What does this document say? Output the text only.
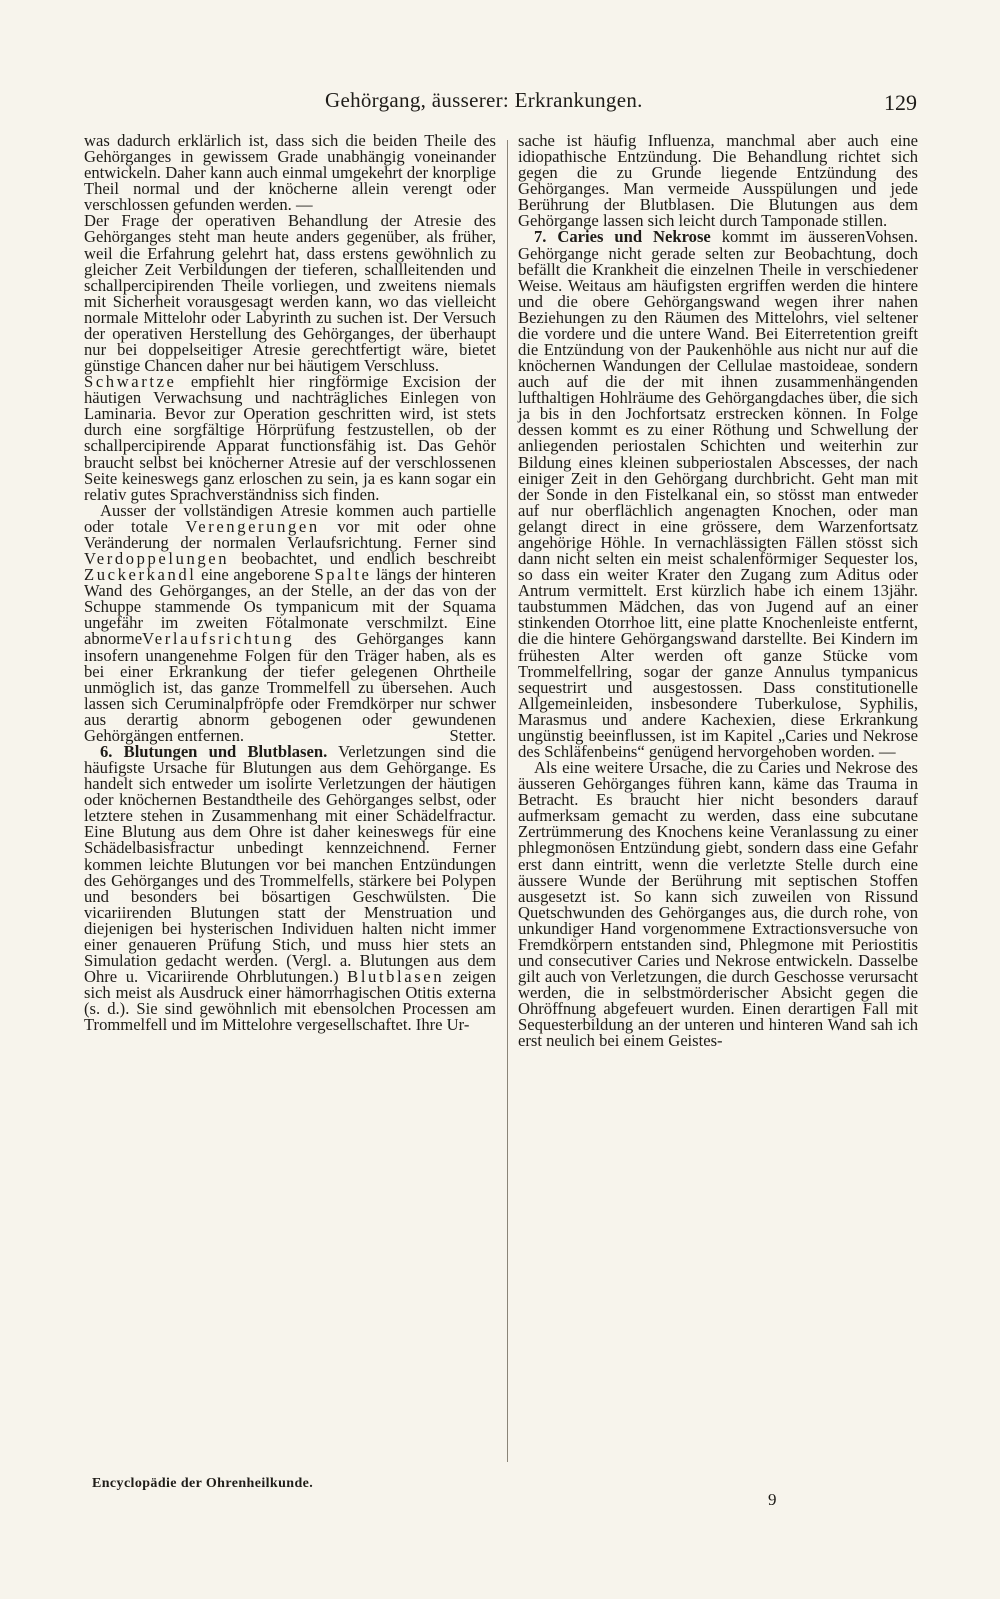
Gehörgang, äusserer: Erkrankungen.	129

was dadurch erklärlich ist, dass sich die beiden Theile des Gehörganges in gewissem Grade unabhängig voneinander entwickeln. Daher kann auch einmal umgekehrt der knorplige Theil normal und der knöcherne allein verengt oder verschlossen gefunden werden. —

Der Frage der operativen Behandlung der Atresie des Gehörganges steht man heute anders gegenüber, als früher, weil die Erfahrung gelehrt hat, dass erstens gewöhnlich zu gleicher Zeit Verbildungen der tieferen, schallleitenden und schallpercipirenden Theile vorliegen, und zweitens niemals mit Sicherheit vorausgesagt werden kann, wo das vielleicht normale Mittelohr oder Labyrinth zu suchen ist. Der Versuch der operativen Herstellung des Gehörganges, der überhaupt nur bei doppelseitiger Atresie gerechtfertigt wäre, bietet günstige Chancen daher nur bei häutigem Verschluss.

Schwartze empfiehlt hier ringförmige Excision der häutigen Verwachsung und nachträgliches Einlegen von Laminaria. Bevor zur Operation geschritten wird, ist stets durch eine sorgfältige Hörprüfung festzustellen, ob der schallpercipirende Apparat functionsfähig ist. Das Gehör braucht selbst bei knöcherner Atresie auf der verschlossenen Seite keineswegs ganz erloschen zu sein, ja es kann sogar ein relativ gutes Sprachverständniss sich finden.

Ausser der vollständigen Atresie kommen auch partielle oder totale Verengerungen vor mit oder ohne Veränderung der normalen Verlaufsrichtung. Ferner sind Verdoppelungen beobachtet, und endlich beschreibt Zuckerkandl eine angeborene Spalte längs der hinteren Wand des Gehörganges, an der Stelle, an der das von der Schuppe stammende Os tympanicum mit der Squama ungefähr im zweiten Fötalmonate verschmilzt. Eine abnormeVerlaufsrichtung des Gehörganges kann insofern unangenehme Folgen für den Träger haben, als es bei einer Erkrankung der tiefer gelegenen Ohrtheile unmöglich ist, das ganze Trommelfell zu übersehen. Auch lassen sich Ceruminalpfröpfe oder Fremdkörper nur schwer aus derartig abnorm gebogenen oder gewundenen Gehörgängen entfernen.	Stetter.

6. Blutungen und Blutblasen. Verletzungen sind die häufigste Ursache für Blutungen aus dem Gehörgange. Es handelt sich entweder um isolirte Verletzungen der häutigen oder knöchernen Bestandtheile des Gehörganges selbst, oder letztere stehen in Zusammenhang mit einer Schädelfractur. Eine Blutung aus dem Ohre ist daher keineswegs für eine Schädelbasisfractur unbedingt kennzeichnend. Ferner kommen leichte Blutungen vor bei manchen Entzündungen des Gehörganges und des Trommelfells, stärkere bei Polypen und besonders bei bösartigen Geschwülsten. Die vicariirenden Blutungen statt der Menstruation und diejenigen bei hysterischen Individuen halten nicht immer einer genaueren Prüfung Stich, und muss hier stets an Simulation gedacht werden. (Vergl. a. Blutungen aus dem Ohre u. Vicariirende Ohrblutungen.) Blutblasen zeigen sich meist als Ausdruck einer hämorrhagischen Otitis externa (s. d.). Sie sind gewöhnlich mit ebensolchen Processen am Trommelfell und im Mittelohre vergesellschaftet. Ihre Ur-

sache ist häufig Influenza, manchmal aber auch eine idiopathische Entzündung. Die Behandlung richtet sich gegen die zu Grunde liegende Entzündung des Gehörganges. Man vermeide Ausspülungen und jede Berührung der Blutblasen. Die Blutungen aus dem Gehörgange lassen sich leicht durch Tamponade stillen.
Vohsen.

7. Caries und Nekrose kommt im äusseren Gehörgange nicht gerade selten zur Beobachtung, doch befällt die Krankheit die einzelnen Theile in verschiedener Weise. Weitaus am häufigsten ergriffen werden die hintere und die obere Gehörgangswand wegen ihrer nahen Beziehungen zu den Räumen des Mittelohrs, viel seltener die vordere und die untere Wand. Bei Eiterretention greift die Entzündung von der Paukenhöhle aus nicht nur auf die knöchernen Wandungen der Cellulae mastoideae, sondern auch auf die der mit ihnen zusammenhängenden lufthaltigen Hohlräume des Gehörgangdaches über, die sich ja bis in den Jochfortsatz erstrecken können. In Folge dessen kommt es zu einer Röthung und Schwellung der anliegenden periostalen Schichten und weiterhin zur Bildung eines kleinen subperiostalen Abscesses, der nach einiger Zeit in den Gehörgang durchbricht. Geht man mit der Sonde in den Fistelkanal ein, so stösst man entweder auf nur oberflächlich angenagten Knochen, oder man gelangt direct in eine grössere, dem Warzenfortsatz angehörige Höhle. In vernachlässigten Fällen stösst sich dann nicht selten ein meist schalenförmiger Sequester los, so dass ein weiter Krater den Zugang zum Aditus oder Antrum vermittelt. Erst kürzlich habe ich einem 13jähr. taubstummen Mädchen, das von Jugend auf an einer stinkenden Otorrhoe litt, eine platte Knochenleiste entfernt, die die hintere Gehörgangswand darstellte. Bei Kindern im frühesten Alter werden oft ganze Stücke vom Trommelfellring, sogar der ganze Annulus tympanicus sequestrirt und ausgestossen. Dass constitutionelle Allgemeinleiden, insbesondere Tuberkulose, Syphilis, Marasmus und andere Kachexien, diese Erkrankung ungünstig beeinflussen, ist im Kapitel „Caries und Nekrose des Schläfenbeins“ genügend hervorgehoben worden. —

Als eine weitere Ursache, die zu Caries und Nekrose des äusseren Gehörganges führen kann, käme das Trauma in Betracht. Es braucht hier nicht besonders darauf aufmerksam gemacht zu werden, dass eine subcutane Zertrümmerung des Knochens keine Veranlassung zu einer phlegmonösen Entzündung giebt, sondern dass eine Gefahr erst dann eintritt, wenn die verletzte Stelle durch eine äussere Wunde der Berührung mit septischen Stoffen ausgesetzt ist. So kann sich zuweilen von Rissund Quetschwunden des Gehörganges aus, die durch rohe, von unkundiger Hand vorgenommene Extractionsversuche von Fremdkörpern entstanden sind, Phlegmone mit Periostitis und consecutiver Caries und Nekrose entwickeln. Dasselbe gilt auch von Verletzungen, die durch Geschosse verursacht werden, die in selbstmörderischer Absicht gegen die Ohröffnung abgefeuert wurden. Einen derartigen Fall mit Sequesterbildung an der unteren und hinteren Wand sah ich erst neulich bei einem Geistes-

Encyclopädie der Ohrenheilkunde.
9
